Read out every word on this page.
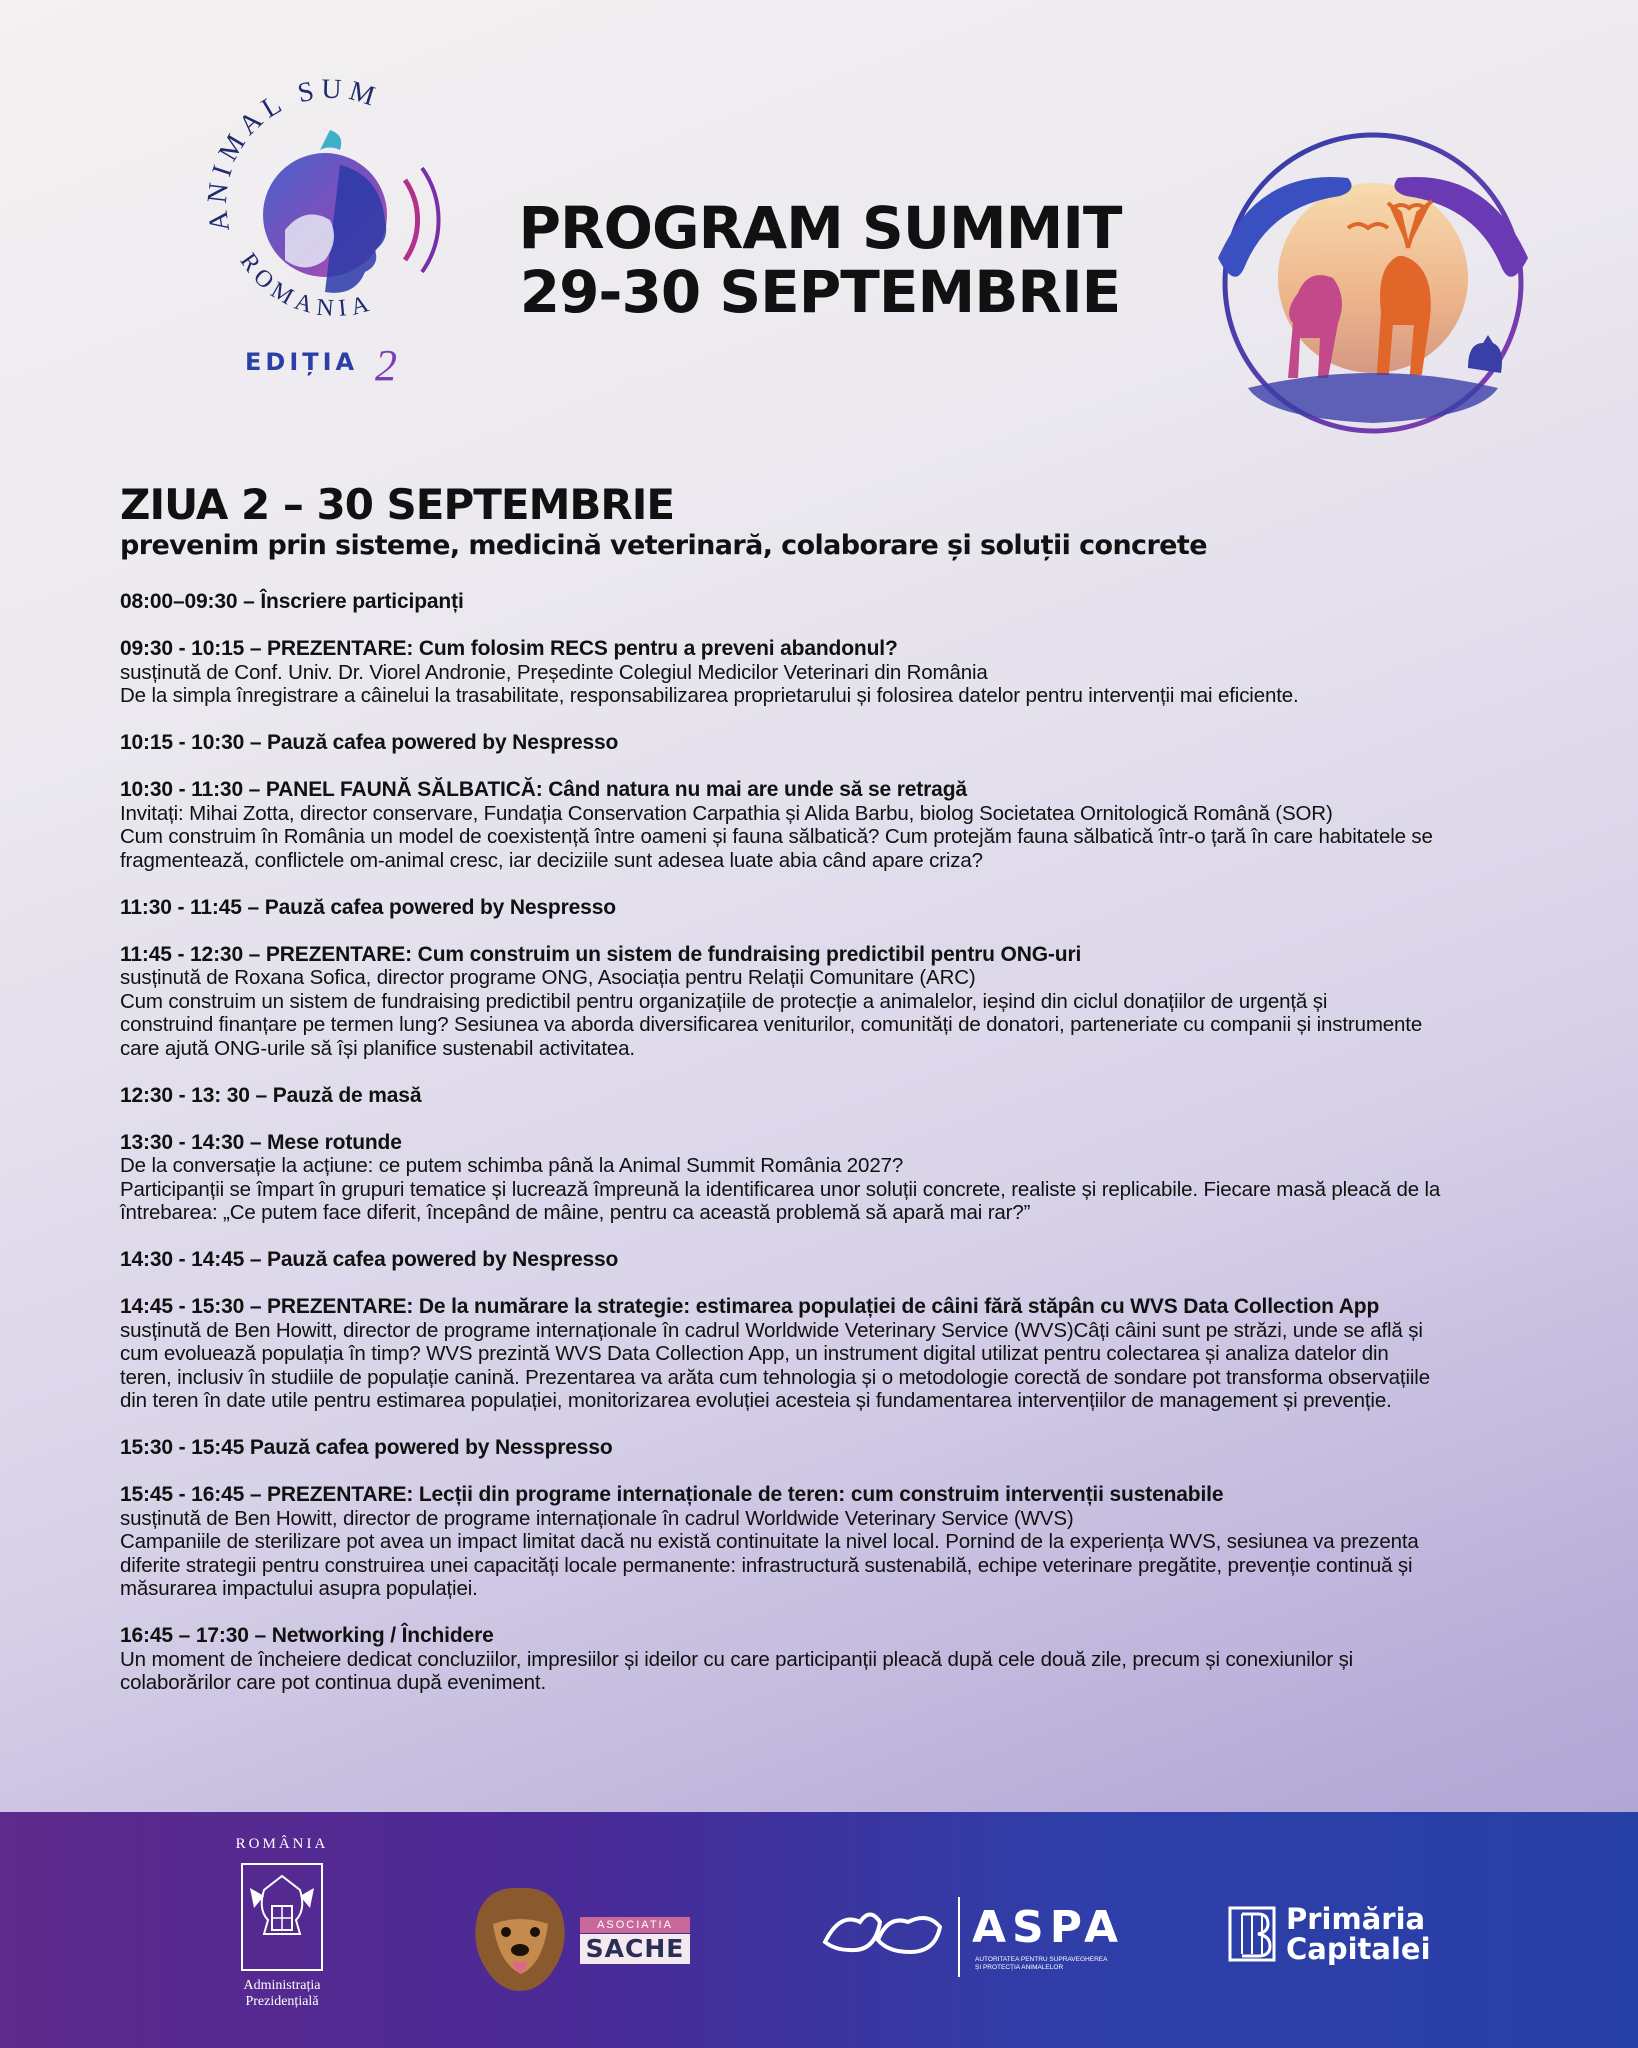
ANIMAL SUM
ROMANIA
EDIȚIA 2
PROGRAM SUMMIT
29-30 SEPTEMBRIE
ZIUA 2 – 30 SEPTEMBRIE
prevenim prin sisteme, medicină veterinară, colaborare și soluții concrete
08:00–09:30 – Înscriere participanți
09:30 - 10:15 – PREZENTARE: Cum folosim RECS pentru a preveni abandonul?
susținută de Conf. Univ. Dr. Viorel Andronie, Președinte Colegiul Medicilor Veterinari din România
De la simpla înregistrare a câinelui la trasabilitate, responsabilizarea proprietarului și folosirea datelor pentru intervenții mai eficiente.
10:15 - 10:30 – Pauză cafea powered by Nespresso
10:30 - 11:30 – PANEL FAUNĂ SĂLBATICĂ: Când natura nu mai are unde să se retragă
Invitați: Mihai Zotta, director conservare, Fundația Conservation Carpathia și Alida Barbu, biolog Societatea Ornitologică Română (SOR)
Cum construim în România un model de coexistență între oameni și fauna sălbatică? Cum protejăm fauna sălbatică într-o țară în care habitatele se
fragmentează, conflictele om-animal cresc, iar deciziile sunt adesea luate abia când apare criza?
11:30 - 11:45 – Pauză cafea powered by Nespresso
11:45 - 12:30 – PREZENTARE: Cum construim un sistem de fundraising predictibil pentru ONG-uri
susținută de Roxana Sofica, director programe ONG, Asociația pentru Relații Comunitare (ARC)
Cum construim un sistem de fundraising predictibil pentru organizațiile de protecție a animalelor, ieșind din ciclul donațiilor de urgență și
construind finanțare pe termen lung? Sesiunea va aborda diversificarea veniturilor, comunități de donatori, parteneriate cu companii și instrumente
care ajută ONG-urile să își planifice sustenabil activitatea.
12:30 - 13: 30 – Pauză de masă
13:30 - 14:30 – Mese rotunde
De la conversație la acțiune: ce putem schimba până la Animal Summit România 2027?
Participanții se împart în grupuri tematice și lucrează împreună la identificarea unor soluții concrete, realiste și replicabile. Fiecare masă pleacă de la
întrebarea: „Ce putem face diferit, începând de mâine, pentru ca această problemă să apară mai rar?”
14:30 - 14:45 – Pauză cafea powered by Nespresso
14:45 - 15:30 – PREZENTARE: De la numărare la strategie: estimarea populației de câini fără stăpân cu WVS Data Collection App
susținută de Ben Howitt, director de programe internaționale în cadrul Worldwide Veterinary Service (WVS)Câți câini sunt pe străzi, unde se află și
cum evoluează populația în timp? WVS prezintă WVS Data Collection App, un instrument digital utilizat pentru colectarea și analiza datelor din
teren, inclusiv în studiile de populație canină. Prezentarea va arăta cum tehnologia și o metodologie corectă de sondare pot transforma observațiile
din teren în date utile pentru estimarea populației, monitorizarea evoluției acesteia și fundamentarea intervențiilor de management și prevenție.
15:30 - 15:45 Pauză cafea powered by Nesspresso
15:45 - 16:45 – PREZENTARE: Lecții din programe internaționale de teren: cum construim intervenții sustenabile
susținută de Ben Howitt, director de programe internaționale în cadrul Worldwide Veterinary Service (WVS)
Campaniile de sterilizare pot avea un impact limitat dacă nu există continuitate la nivel local. Pornind de la experiența WVS, sesiunea va prezenta
diferite strategii pentru construirea unei capacități locale permanente: infrastructură sustenabilă, echipe veterinare pregătite, prevenție continuă și
măsurarea impactului asupra populației.
16:45 – 17:30 – Networking / Închidere
Un moment de încheiere dedicat concluziilor, impresiilor și ideilor cu care participanții pleacă după cele două zile, precum și conexiunilor și
colaborărilor care pot continua după eveniment.
ROMÂNIA
Administrația
Prezidențială
ASOCIATIA
SACHE	ASPA
AUTORITATEA PENTRU SUPRAVEGHEREA
ȘI PROTECȚIA ANIMALELOR
Primăria
Capitalei
